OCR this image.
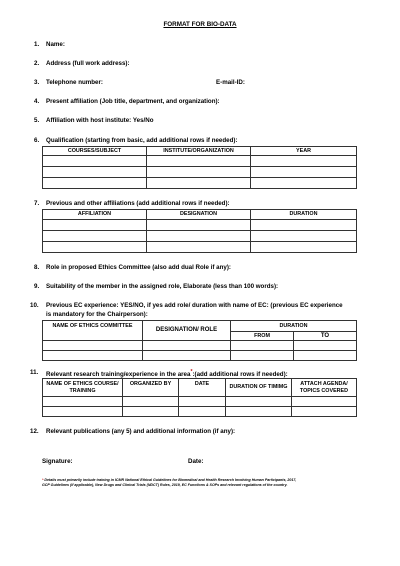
FORMAT FOR BIO-DATA
1. Name:
2. Address (full work address):
3. Telephone number:	E-mail-ID:
4. Present affiliation (Job title, department, and organization):
5. Affiliation with host institute: Yes/No
6. Qualification (starting from basic, add additional rows if needed):
COURSES/SUBJECT	INSTITUTE/ORGANIZATION	YEAR

7. Previous and other affiliations (add additional rows if needed):
AFFILIATION	DESIGNATION	DURATION

8. Role in proposed Ethics Committee (also add dual Role if any):
9. Suitability of the member in the assigned role, Elaborate (less than 100 words):
10. Previous EC experience: YES/NO, if yes add role/ duration with name of EC: (previous EC experience
is mandatory for the Chairperson):
NAME OF ETHICS COMMITTEE	DESIGNATION/ ROLE	DURATION	
		FROM	TO

11. Relevant research training/experience in the area*:(add additional rows if needed):
NAME OF ETHICS COURSE/ TRAINING	ORGANIZED BY	DATE	DURATION OF TIMIMG	ATTACH AGENDA/ TOPICS COVERED

12. Relevant publications (any 5) and additional information (if any):
Signature:	Date:
* Details must primarily include training in ICMR National Ethical Guidelines for Biomedical and Health Research Involving Human Participants, 2017,
GCP Guidelines (if applicable), New Drugs and Clinical Trials (NDCT) Rules, 2019, EC Functions & SOPs and relevant regulations of the country.
